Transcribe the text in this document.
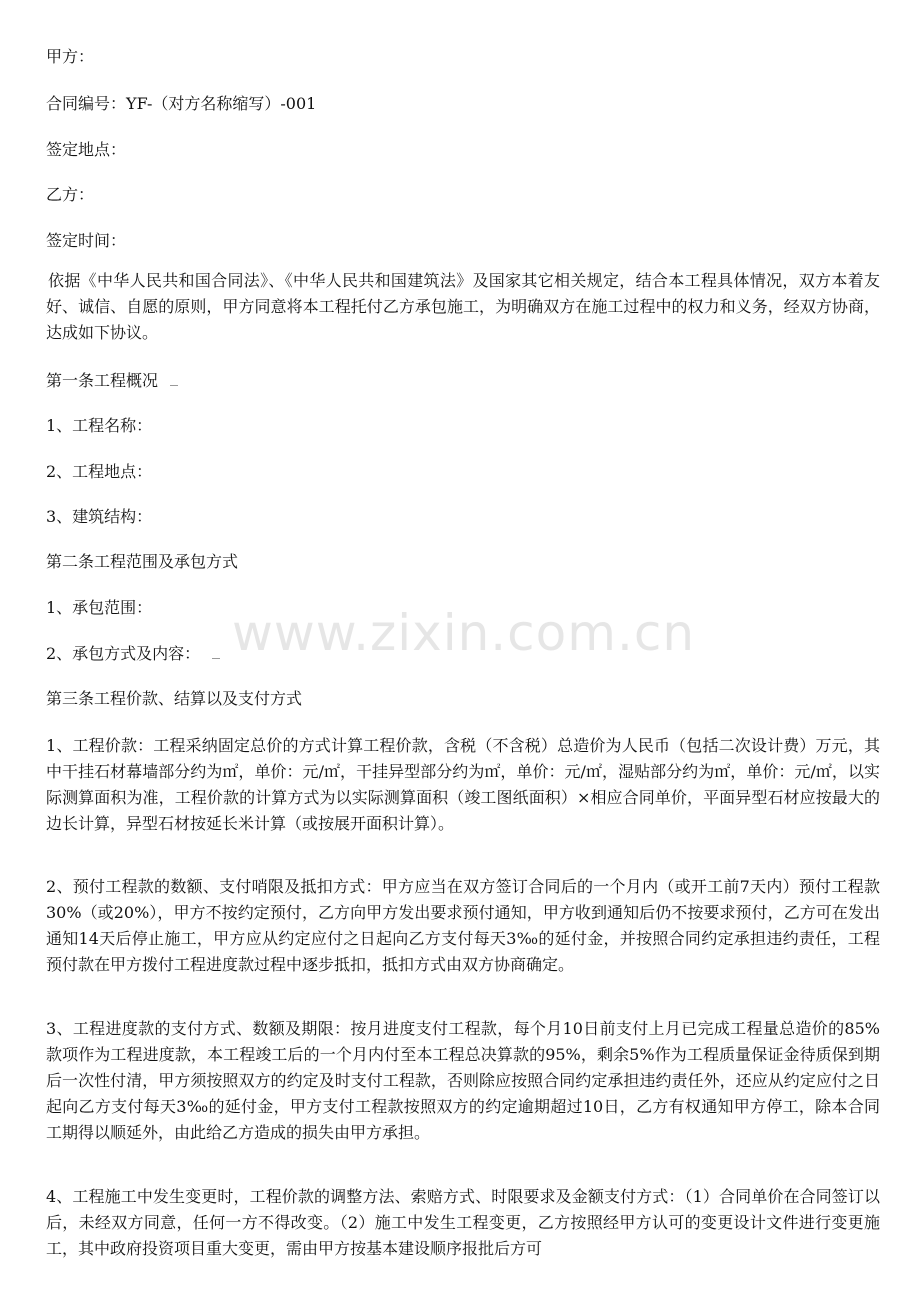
甲方：
合同编号：YF-（对方名称缩写）-001
签定地点：
乙方：
签定时间：

依据《中华人民共和国合同法》、《中华人民共和国建筑法》及国家其它相关规定，结合本工程具体情况，双方本着友好、诚信、自愿的原则，甲方同意将本工程托付乙方承包施工，为明确双方在施工过程中的权力和义务，经双方协商，达成如下协议。

第一条工程概况
1、工程名称：
2、工程地点：
3、建筑结构：
第二条工程范围及承包方式
1、承包范围：
2、承包方式及内容：
第三条工程价款、结算以及支付方式

1、工程价款：工程采纳固定总价的方式计算工程价款，含税（不含税）总造价为人民币（包括二次设计费）万元，其中干挂石材幕墙部分约为㎡，单价：元/㎡，干挂异型部分约为㎡，单价：元/㎡，湿贴部分约为㎡，单价：元/㎡，以实际测算面积为准，工程价款的计算方式为以实际测算面积（竣工图纸面积）×相应合同单价，平面异型石材应按最大的边长计算，异型石材按延长米计算（或按展开面积计算）。

2、预付工程款的数额、支付哨限及抵扣方式：甲方应当在双方签订合同后的一个月内（或开工前7天内）预付工程款30%（或20%），甲方不按约定预付，乙方向甲方发出要求预付通知，甲方收到通知后仍不按要求预付，乙方可在发出通知14天后停止施工，甲方应从约定应付之日起向乙方支付每天3‰的延付金，并按照合同约定承担违约责任，工程预付款在甲方拨付工程进度款过程中逐步抵扣，抵扣方式由双方协商确定。

3、工程进度款的支付方式、数额及期限：按月进度支付工程款，每个月10日前支付上月已完成工程量总造价的85%款项作为工程进度款，本工程竣工后的一个月内付至本工程总决算款的95%，剩余5%作为工程质量保证金待质保到期后一次性付清，甲方须按照双方的约定及时支付工程款，否则除应按照合同约定承担违约责任外，还应从约定应付之日起向乙方支付每天3‰的延付金，甲方支付工程款按照双方的约定逾期超过10日，乙方有权通知甲方停工，除本合同工期得以顺延外，由此给乙方造成的损失由甲方承担。

4、工程施工中发生变更时，工程价款的调整方法、索赔方式、时限要求及金额支付方式：（1）合同单价在合同签订以后，未经双方同意，任何一方不得改变。（2）施工中发生工程变更，乙方按照经甲方认可的变更设计文件进行变更施工，其中政府投资项目重大变更，需由甲方按基本建设顺序报批后方可

www.zixin.com.cn
